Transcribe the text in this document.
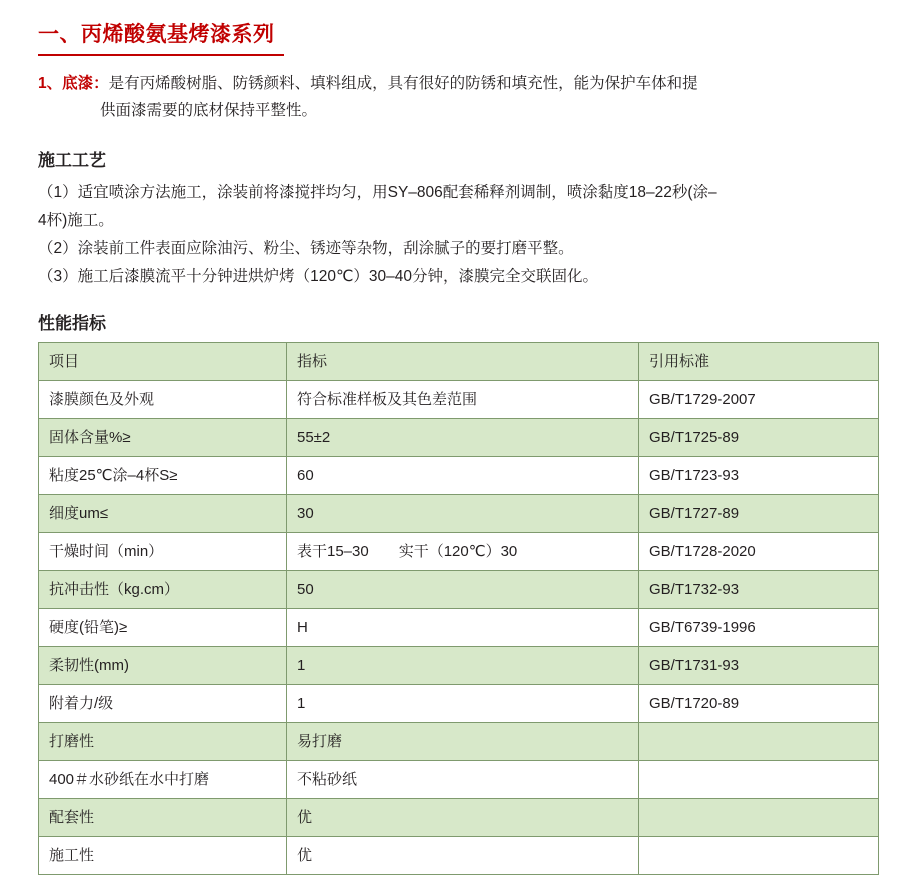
一、丙烯酸氨基烤漆系列
1、底漆：是有丙烯酸树脂、防锈颜料、填料组成，具有很好的防锈和填充性，能为保护车体和提
供面漆需要的底材保持平整性。
施工工艺
（1）适宜喷涂方法施工，涂装前将漆搅拌均匀，用SY–806配套稀释剂调制，喷涂黏度18–22秒(涂–
4杯)施工。
（2）涂装前工件表面应除油污、粉尘、锈迹等杂物，刮涂腻子的要打磨平整。
（3）施工后漆膜流平十分钟进烘炉烤（120℃）30–40分钟，漆膜完全交联固化。
性能指标
项目	指标	引用标准
漆膜颜色及外观	符合标准样板及其色差范围	GB/T1729-2007
固体含量%≥	55±2	GB/T1725-89
粘度25℃涂–4杯S≥	60	GB/T1723-93
细度um≤	30	GB/T1727-89
干燥时间（min）	表干15–30　　实干（120℃）30	GB/T1728-2020
抗冲击性（kg.cm）	50	GB/T1732-93
硬度(铅笔)≥	H	GB/T6739-1996
柔韧性(mm)	1	GB/T1731-93
附着力/级	1	GB/T1720-89
打磨性	易打磨	
400＃水砂纸在水中打磨	不粘砂纸	
配套性	优	
施工性	优	
